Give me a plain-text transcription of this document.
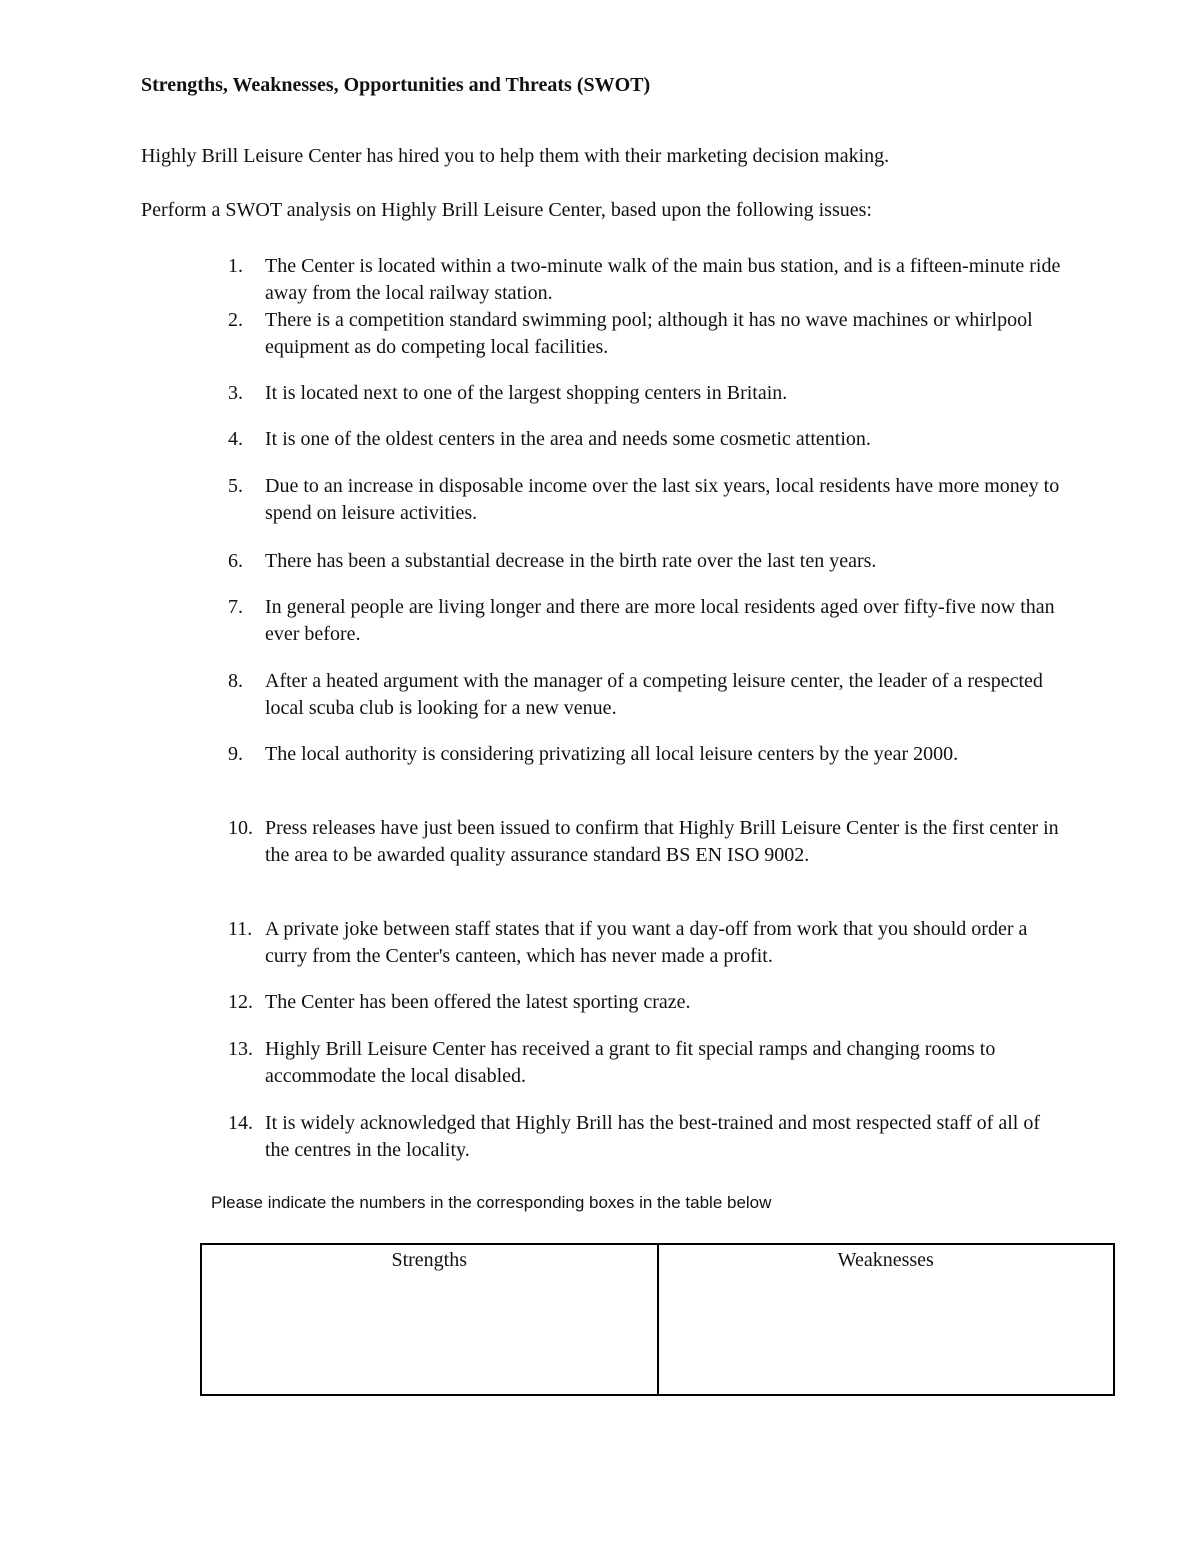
Strengths, Weaknesses, Opportunities and Threats (SWOT)

Highly Brill Leisure Center has hired you to help them with their marketing decision making.

Perform a SWOT analysis on Highly Brill Leisure Center, based upon the following issues:

1.	The Center is located within a two-minute walk of the main bus station, and is a fifteen-minute ride away from the local railway station.
2.	There is a competition standard swimming pool; although it has no wave machines or whirlpool equipment as do competing local facilities.
3.	It is located next to one of the largest shopping centers in Britain.
4.	It is one of the oldest centers in the area and needs some cosmetic attention.
5.	Due to an increase in disposable income over the last six years, local residents have more money to spend on leisure activities.
6.	There has been a substantial decrease in the birth rate over the last ten years.
7.	In general people are living longer and there are more local residents aged over fifty-five now than ever before.
8.	After a heated argument with the manager of a competing leisure center, the leader of a respected local scuba club is looking for a new venue.
9.	The local authority is considering privatizing all local leisure centers by the year 2000.
10. Press releases have just been issued to confirm that Highly Brill Leisure Center is the first center in the area to be awarded quality assurance standard BS EN ISO 9002.
11. A private joke between staff states that if you want a day-off from work that you should order a curry from the Center's canteen, which has never made a profit.
12. The Center has been offered the latest sporting craze.
13. Highly Brill Leisure Center has received a grant to fit special ramps and changing rooms to accommodate the local disabled.
14. It is widely acknowledged that Highly Brill has the best-trained and most respected staff of all of the centres in the locality.

Please indicate the numbers in the corresponding boxes in the table below

Strengths	Weaknesses
